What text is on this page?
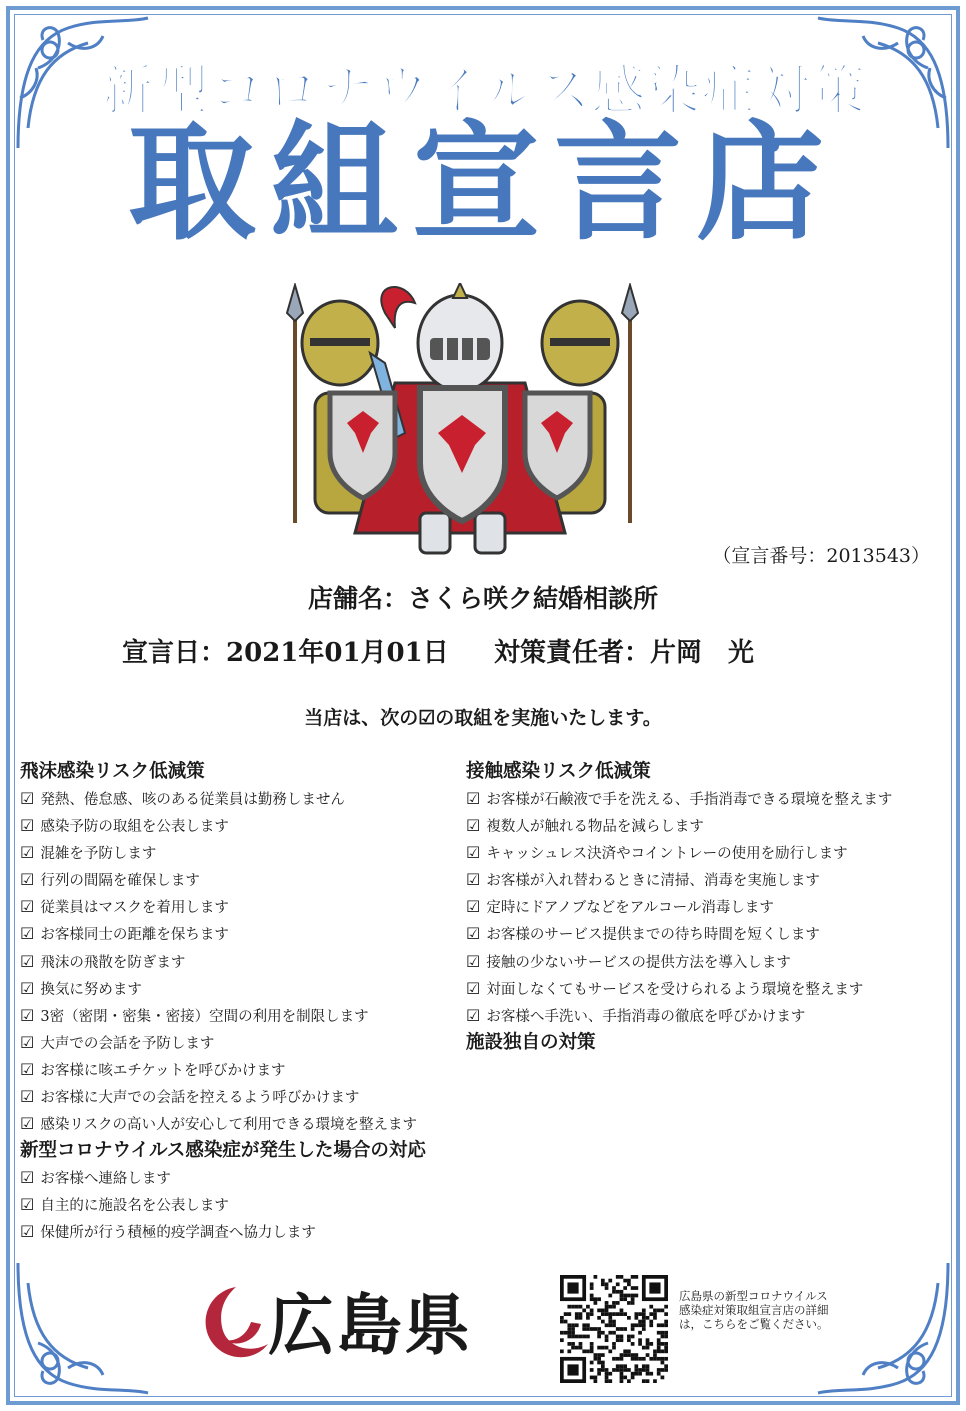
新型コロナウイルス感染症対策
取組宣言店
（宣言番号：2013543）
店舗名：さくら咲ク結婚相談所
宣言日：2021年01月01日 対策責任者：片岡　光
当店は、次の☑の取組を実施いたします。
飛沫感染リスク低減策
☑ 発熱、倦怠感、咳のある従業員は勤務しません
☑ 感染予防の取組を公表します
☑ 混雑を予防します
☑ 行列の間隔を確保します
☑ 従業員はマスクを着用します
☑ お客様同士の距離を保ちます
☑ 飛沫の飛散を防ぎます
☑ 換気に努めます
☑ 3密（密閉・密集・密接）空間の利用を制限します
☑ 大声での会話を予防します
☑ お客様に咳エチケットを呼びかけます
☑ お客様に大声での会話を控えるよう呼びかけます
☑ 感染リスクの高い人が安心して利用できる環境を整えます
新型コロナウイルス感染症が発生した場合の対応
☑ お客様へ連絡します
☑ 自主的に施設名を公表します
☑ 保健所が行う積極的疫学調査へ協力します
接触感染リスク低減策
☑ お客様が石鹸液で手を洗える、手指消毒できる環境を整えます
☑ 複数人が触れる物品を減らします
☑ キャッシュレス決済やコイントレーの使用を励行します
☑ お客様が入れ替わるときに清掃、消毒を実施します
☑ 定時にドアノブなどをアルコール消毒します
☑ お客様のサービス提供までの待ち時間を短くします
☑ 接触の少ないサービスの提供方法を導入します
☑ 対面しなくてもサービスを受けられるよう環境を整えます
☑ お客様へ手洗い、手指消毒の徹底を呼びかけます
施設独自の対策
広島県	広島県の新型コロナウイルス感染症対策取組宣言店の詳細は，こちらをご覧ください。
